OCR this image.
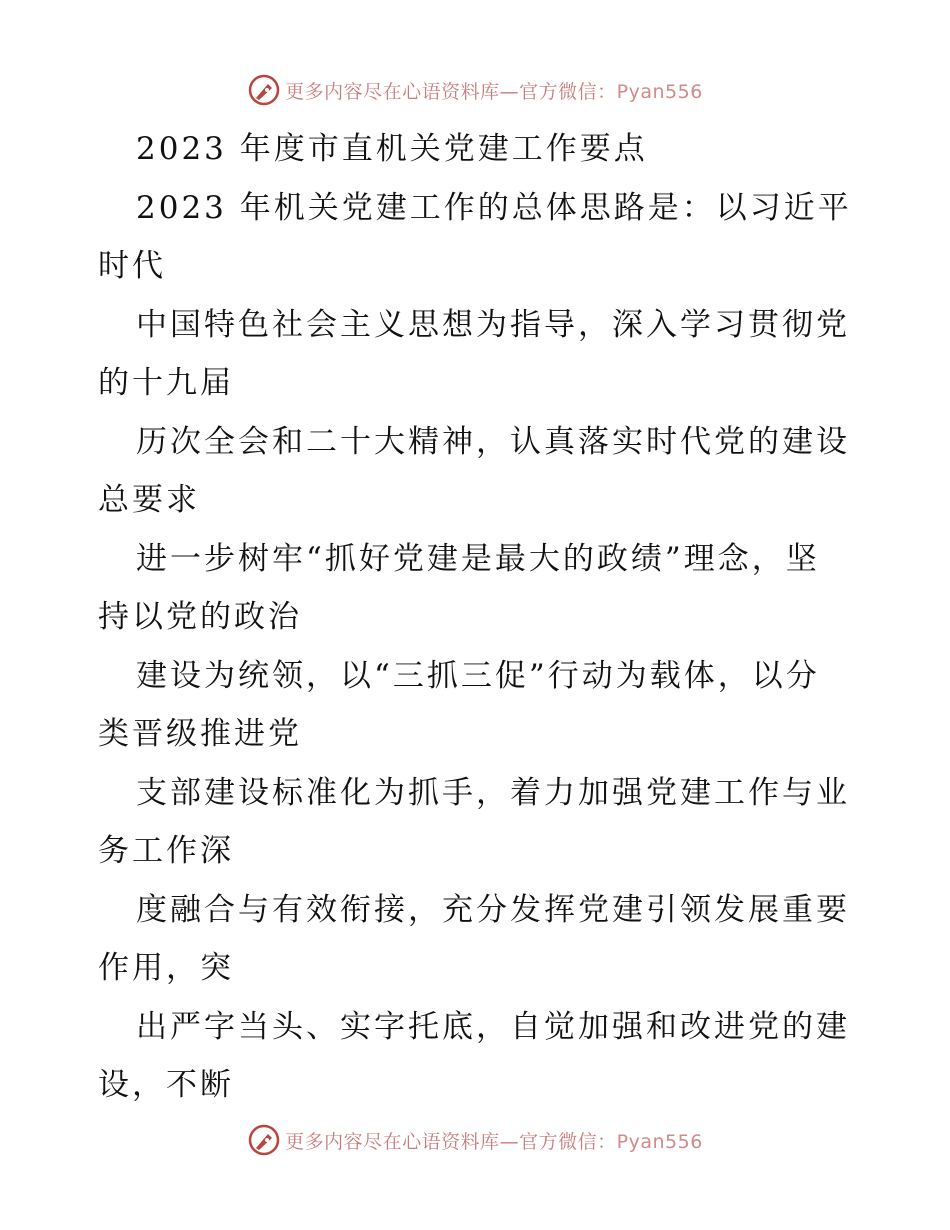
更多内容尽在心语资料库—官方微信：Pyan556

2023 年度市直机关党建工作要点

2023 年机关党建工作的总体思路是：以习近平
时代

中国特色社会主义思想为指导，深入学习贯彻党
的十九届

历次全会和二十大精神，认真落实时代党的建设
总要求

进一步树牢“抓好党建是最大的政绩”理念，坚
持以党的政治

建设为统领，以“三抓三促”行动为载体，以分
类晋级推进党

支部建设标准化为抓手，着力加强党建工作与业
务工作深

度融合与有效衔接，充分发挥党建引领发展重要
作用，突

出严字当头、实字托底，自觉加强和改进党的建
设，不断

更多内容尽在心语资料库—官方微信：Pyan556
